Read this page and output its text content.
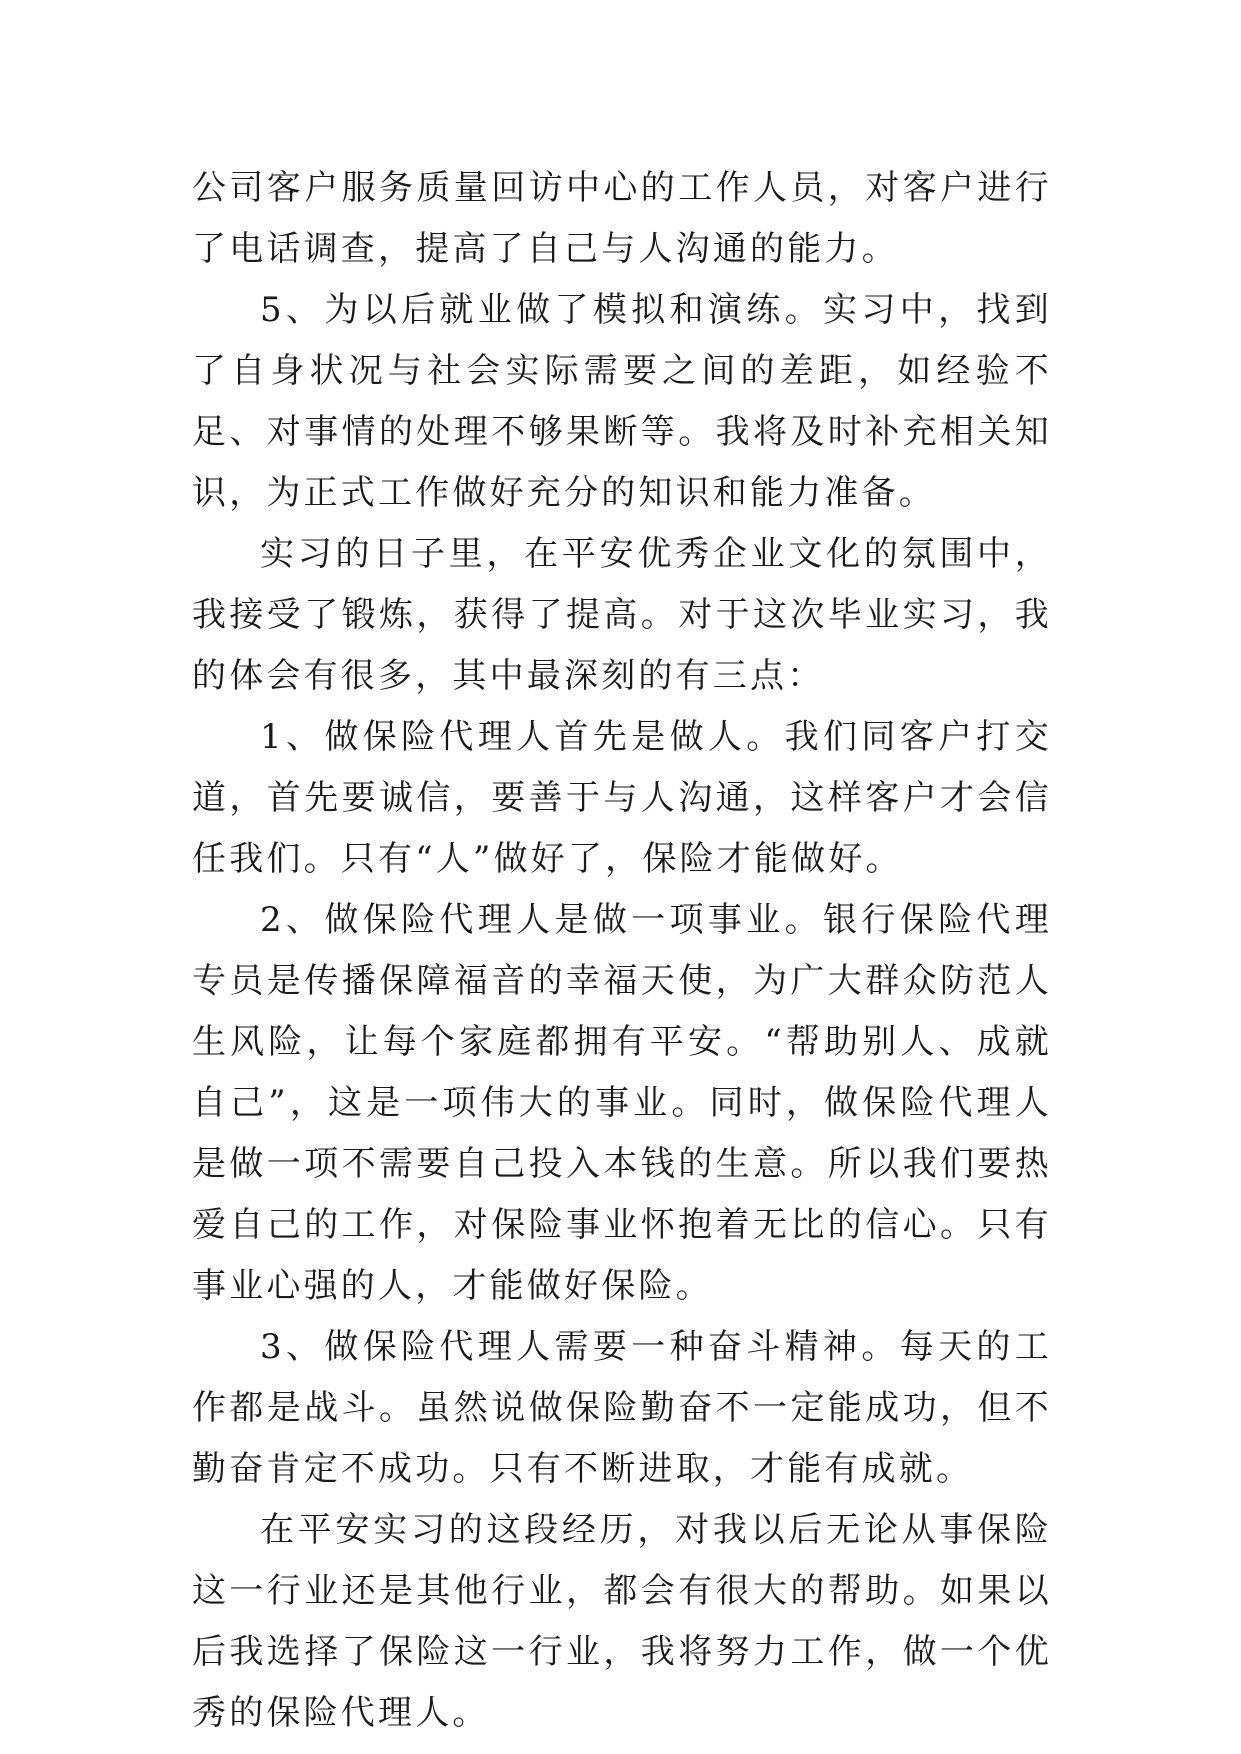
公司客户服务质量回访中心的工作人员，对客户进行了电话调查，提高了自己与人沟通的能力。

5、为以后就业做了模拟和演练。实习中，找到了自身状况与社会实际需要之间的差距，如经验不足、对事情的处理不够果断等。我将及时补充相关知识，为正式工作做好充分的知识和能力准备。

实习的日子里，在平安优秀企业文化的氛围中，我接受了锻炼，获得了提高。对于这次毕业实习，我的体会有很多，其中最深刻的有三点：

1、做保险代理人首先是做人。我们同客户打交道，首先要诚信，要善于与人沟通，这样客户才会信任我们。只有“人”做好了，保险才能做好。

2、做保险代理人是做一项事业。银行保险代理专员是传播保障福音的幸福天使，为广大群众防范人生风险，让每个家庭都拥有平安。“帮助别人、成就自己”，这是一项伟大的事业。同时，做保险代理人是做一项不需要自己投入本钱的生意。所以我们要热爱自己的工作，对保险事业怀抱着无比的信心。只有事业心强的人，才能做好保险。

3、做保险代理人需要一种奋斗精神。每天的工作都是战斗。虽然说做保险勤奋不一定能成功，但不勤奋肯定不成功。只有不断进取，才能有成就。

在平安实习的这段经历，对我以后无论从事保险这一行业还是其他行业，都会有很大的帮助。如果以后我选择了保险这一行业，我将努力工作，做一个优秀的保险代理人。
